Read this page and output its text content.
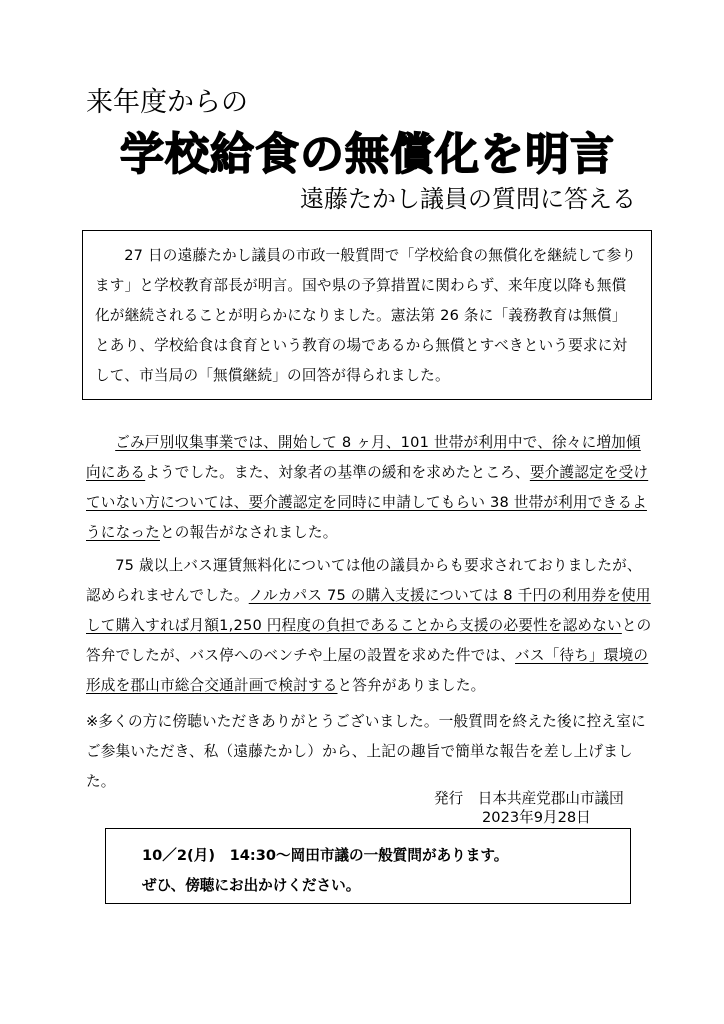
来年度からの
学校給食の無償化を明言
遠藤たかし議員の質問に答える

27 日の遠藤たかし議員の市政一般質問で「学校給食の無償化を継続して参ります」と学校教育部長が明言。国や県の予算措置に関わらず、来年度以降も無償化が継続されることが明らかになりました。憲法第 26 条に「義務教育は無償」とあり、学校給食は食育という教育の場であるから無償とすべきという要求に対して、市当局の「無償継続」の回答が得られました。

ごみ戸別収集事業では、開始して 8 ヶ月、101 世帯が利用中で、徐々に増加傾向にあるようでした。また、対象者の基準の緩和を求めたところ、要介護認定を受けていない方については、要介護認定を同時に申請してもらい 38 世帯が利用できるようになったとの報告がなされました。

75 歳以上バス運賃無料化については他の議員からも要求されておりましたが、認められませんでした。ノルカパス 75 の購入支援については 8 千円の利用券を使用して購入すれば月額1,250 円程度の負担であることから支援の必要性を認めないとの答弁でしたが、バス停へのベンチや上屋の設置を求めた件では、バス「待ち」環境の形成を郡山市総合交通計画で検討すると答弁がありました。

※多くの方に傍聴いただきありがとうございました。一般質問を終えた後に控え室にご参集いただき、私（遠藤たかし）から、上記の趣旨で簡単な報告を差し上げました。

発行　日本共産党郡山市議団
2023年9月28日

10／2(月)　14:30～岡田市議の一般質問があります。

ぜひ、傍聴にお出かけください。
